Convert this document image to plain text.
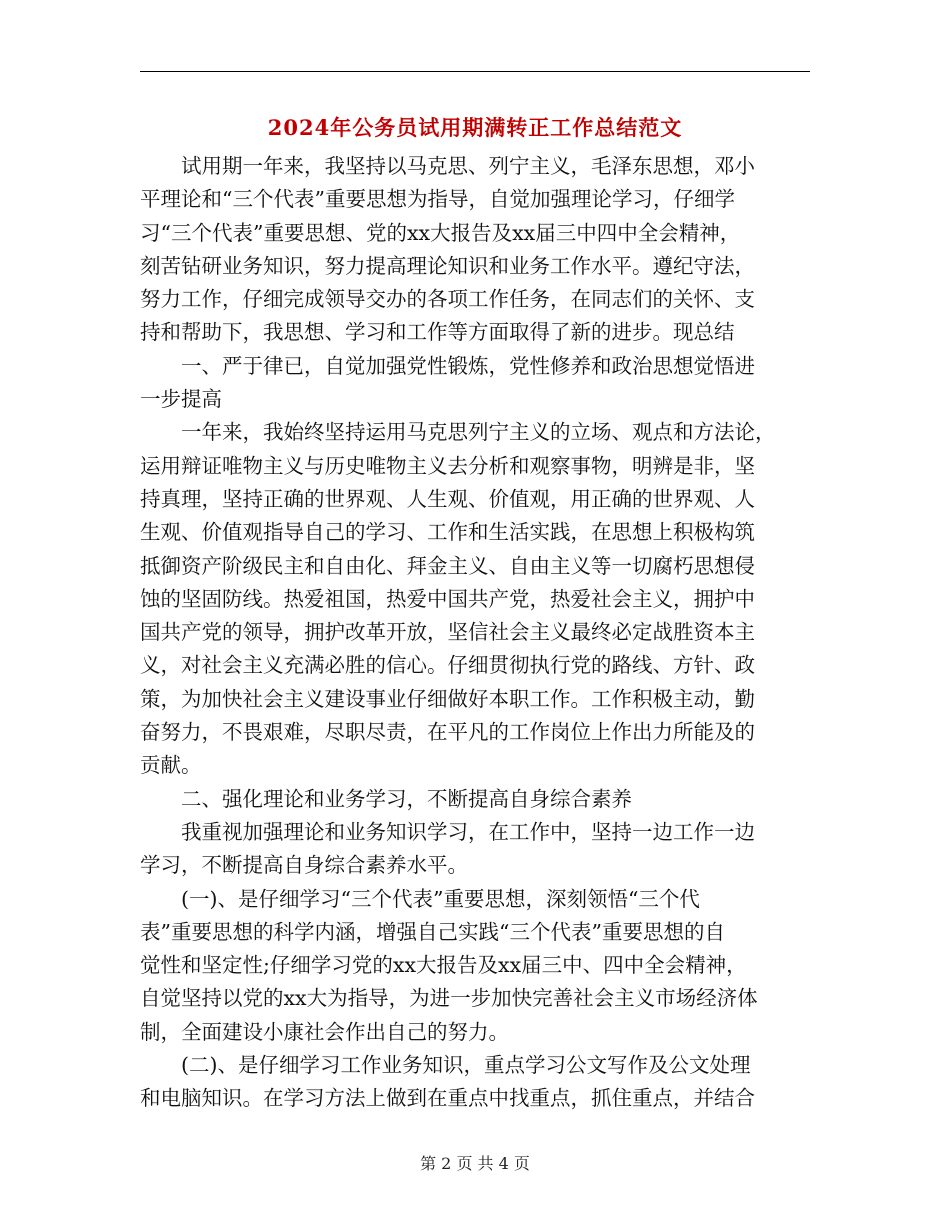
2024年公务员试用期满转正工作总结范文
试用期一年来，我坚持以马克思、列宁主义，毛泽东思想，邓小
平理论和“三个代表”重要思想为指导，自觉加强理论学习，仔细学
习“三个代表”重要思想、党的xx大报告及xx届三中四中全会精神，
刻苦钻研业务知识，努力提高理论知识和业务工作水平。遵纪守法，
努力工作，仔细完成领导交办的各项工作任务，在同志们的关怀、支
持和帮助下，我思想、学习和工作等方面取得了新的进步。现总结
一、严于律已，自觉加强党性锻炼，党性修养和政治思想觉悟进
一步提高
一年来，我始终坚持运用马克思列宁主义的立场、观点和方法论，
运用辩证唯物主义与历史唯物主义去分析和观察事物，明辨是非，坚
持真理，坚持正确的世界观、人生观、价值观，用正确的世界观、人
生观、价值观指导自己的学习、工作和生活实践，在思想上积极构筑
抵御资产阶级民主和自由化、拜金主义、自由主义等一切腐朽思想侵
蚀的坚固防线。热爱祖国，热爱中国共产党，热爱社会主义，拥护中
国共产党的领导，拥护改革开放，坚信社会主义最终必定战胜资本主
义，对社会主义充满必胜的信心。仔细贯彻执行党的路线、方针、政
策，为加快社会主义建设事业仔细做好本职工作。工作积极主动，勤
奋努力，不畏艰难，尽职尽责，在平凡的工作岗位上作出力所能及的
贡献。
二、强化理论和业务学习，不断提高自身综合素养
我重视加强理论和业务知识学习，在工作中，坚持一边工作一边
学习，不断提高自身综合素养水平。
(一)、是仔细学习“三个代表”重要思想，深刻领悟“三个代
表”重要思想的科学内涵，增强自己实践“三个代表”重要思想的自
觉性和坚定性;仔细学习党的xx大报告及xx届三中、四中全会精神，
自觉坚持以党的xx大为指导，为进一步加快完善社会主义市场经济体
制，全面建设小康社会作出自己的努力。
(二)、是仔细学习工作业务知识，重点学习公文写作及公文处理
和电脑知识。在学习方法上做到在重点中找重点，抓住重点，并结合
第 2 页 共 4 页
